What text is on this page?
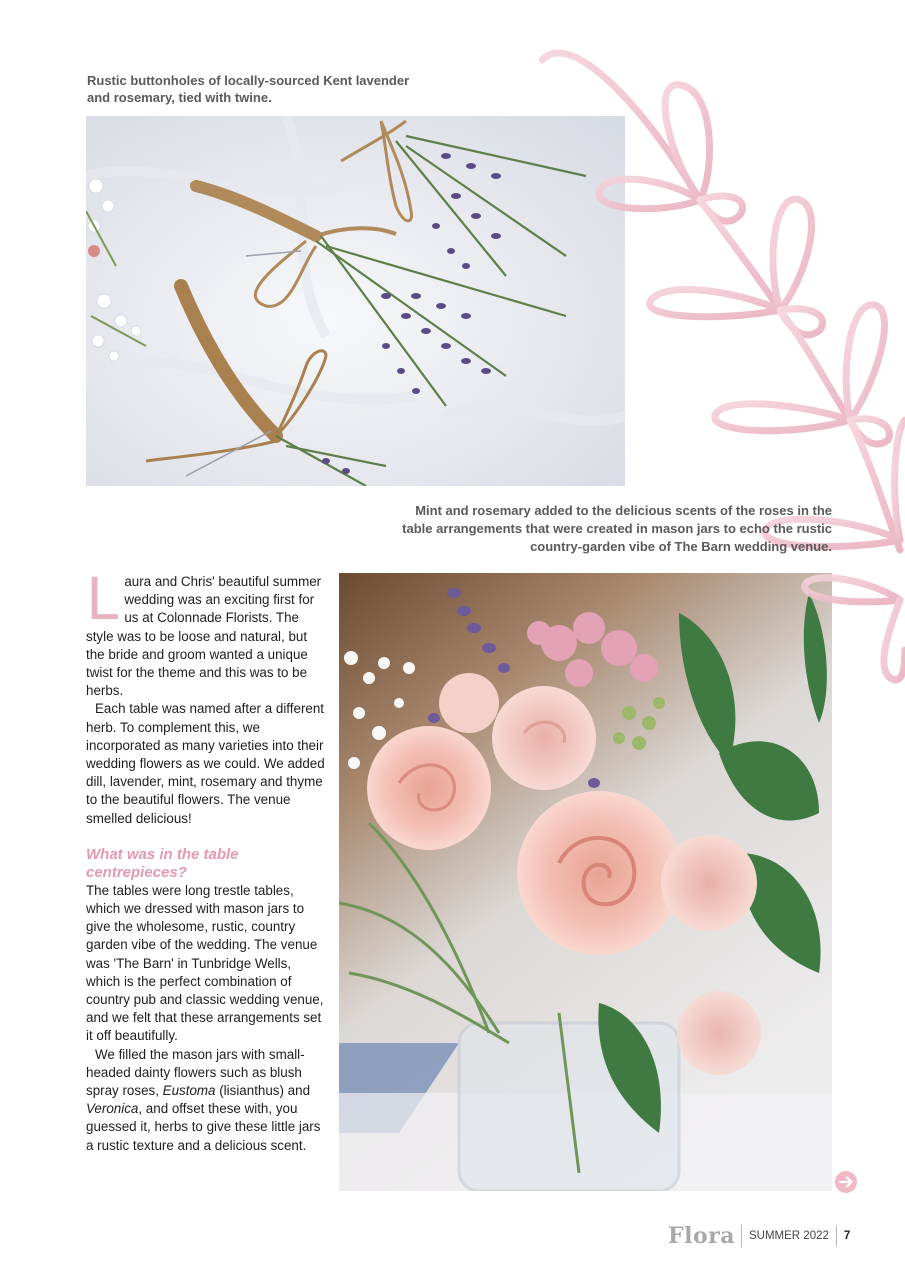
Rustic buttonholes of locally-sourced Kent lavender and rosemary, tied with twine.
Mint and rosemary added to the delicious scents of the roses in the table arrangements that were created in mason jars to echo the rustic country-garden vibe of The Barn wedding venue.

Laura and Chris' beautiful summer wedding was an exciting first for us at Colonnade Florists. The style was to be loose and natural, but the bride and groom wanted a unique twist for the theme and this was to be herbs.

Each table was named after a different herb. To complement this, we incorporated as many varieties into their wedding flowers as we could. We added dill, lavender, mint, rosemary and thyme to the beautiful flowers. The venue smelled delicious!

What was in the table centrepieces?

The tables were long trestle tables, which we dressed with mason jars to give the wholesome, rustic, country garden vibe of the wedding. The venue was 'The Barn' in Tunbridge Wells, which is the perfect combination of country pub and classic wedding venue, and we felt that these arrangements set it off beautifully.

We filled the mason jars with small-headed dainty flowers such as blush spray roses, Eustoma (lisianthus) and Veronica, and offset these with, you guessed it, herbs to give these little jars a rustic texture and a delicious scent.

Flora	SUMMER 2022	7
